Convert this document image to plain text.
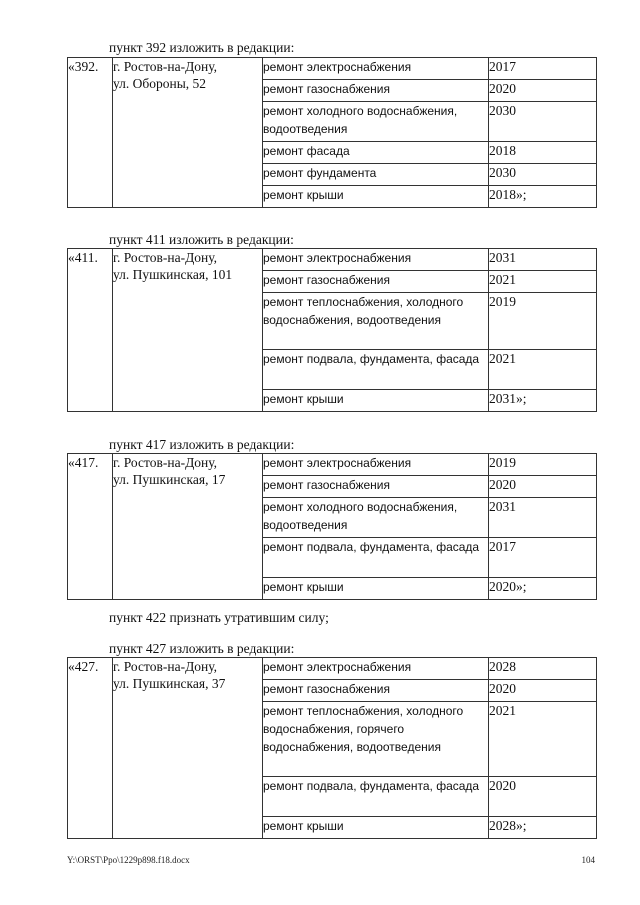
пункт 392 изложить в редакции:
«392.	г. Ростов-на-Дону,
ул. Обороны, 52	ремонт электроснабжения	2017
		ремонт газоснабжения	2020
		ремонт холодного водоснабжения, водоотведения	2030
		ремонт фасада	2018
		ремонт фундамента	2030
		ремонт крыши	2018»;
пункт 411 изложить в редакции:
«411.	г. Ростов-на-Дону,
ул. Пушкинская, 101	ремонт электроснабжения	2031
		ремонт газоснабжения	2021
		ремонт теплоснабжения, холодного водоснабжения, водоотведения	2019
		ремонт подвала, фундамента, фасада	2021
		ремонт крыши	2031»;
пункт 417 изложить в редакции:
«417.	г. Ростов-на-Дону,
ул. Пушкинская, 17	ремонт электроснабжения	2019
		ремонт газоснабжения	2020
		ремонт холодного водоснабжения, водоотведения	2031
		ремонт подвала, фундамента, фасада	2017
		ремонт крыши	2020»;
пункт 422 признать утратившим силу;
пункт 427 изложить в редакции:
«427.	г. Ростов-на-Дону,
ул. Пушкинская, 37	ремонт электроснабжения	2028
		ремонт газоснабжения	2020
		ремонт теплоснабжения, холодного водоснабжения, горячего водоснабжения, водоотведения	2021
		ремонт подвала, фундамента, фасада	2020
		ремонт крыши	2028»;
Y:\ORST\Ppo\1229p898.f18.docx	104
